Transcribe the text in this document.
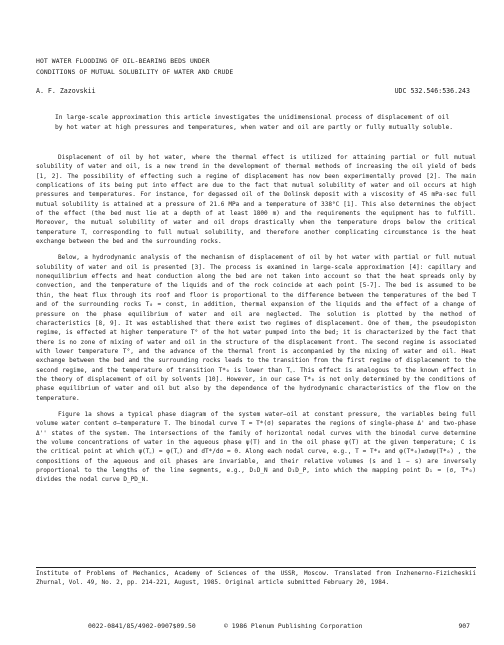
HOT WATER FLOODING OF OIL-BEARING BEDS UNDER
CONDITIONS OF MUTUAL SOLUBILITY OF WATER AND CRUDE
A. F. Zazovskii	UDC 532.546:536.243
In large-scale approximation this article investigates the unidimensional process of displacement of oil by hot water at high pressures and temperatures, when water and oil are partly or fully mutually soluble.

Displacement of oil by hot water, where the thermal effect is utilized for attaining partial or full mutual solubility of water and oil, is a new trend in the development of thermal methods of increasing the oil yield of beds [1, 2]. The possibility of effecting such a regime of displacement has now been experimentally proved [2]. The main complications of its being put into effect are due to the fact that mutual solubility of water and oil occurs at high pressures and temperatures. For instance, for degassed oil of the Dolinsk deposit with a viscosity of 45 mPa·sec full mutual solubility is attained at a pressure of 21.6 MPa and a temperature of 338°C [1]. This also determines the object of the effect (the bed must lie at a depth of at least 1800 m) and the requirements the equipment has to fulfill. Moreover, the mutual solubility of water and oil drops drastically when the temperature drops below the critical temperature T꜀ corresponding to full mutual solubility, and therefore another complicating circumstance is the heat exchange between the bed and the surrounding rocks.

Below, a hydrodynamic analysis of the mechanism of displacement of oil by hot water with partial or full mutual solubility of water and oil is presented [3]. The process is examined in large-scale approximation [4]: capillary and nonequilibrium effects and heat conduction along the bed are not taken into account so that the heat spreads only by convection, and the temperature of the liquids and of the rock coincide at each point [5-7]. The bed is assumed to be thin, the heat flux through its roof and floor is proportional to the difference between the temperatures of the bed T and of the surrounding rocks T₀ = const, in addition, thermal expansion of the liquids and the effect of a change of pressure on the phase equilibrium of water and oil are neglected. The solution is plotted by the method of characteristics [8, 9]. It was established that there exist two regimes of displacement. One of them, the pseudopiston regime, is effected at higher temperature T° of the hot water pumped into the bed; it is characterized by the fact that there is no zone of mixing of water and oil in the structure of the displacement front. The second regime is associated with lower temperature T°, and the advance of the thermal front is accompanied by the mixing of water and oil. Heat exchange between the bed and the surrounding rocks leads to the transition from the first regime of displacement to the second regime, and the temperature of transition T*₀ is lower than T꜀. This effect is analogous to the known effect in the theory of displacement of oil by solvents [10]. However, in our case T*₀ is not only determined by the conditions of phase equilibrium of water and oil but also by the dependence of the hydrodynamic characteristics of the flow on the temperature.

Figure 1a shows a typical phase diagram of the system water—oil at constant pressure, the variables being full volume water content σ—temperature T. The binodal curve T = T*(σ) separates the regions of single-phase Δ' and two-phase Δ'' states of the system. The intersections of the family of horizontal nodal curves with the binodal curve determine the volume concentrations of water in the aqueous phase ψ(T) and in the oil phase φ(T) at the given temperature; C is the critical point at which ψ(T꜀) = φ(T꜀) and dT*/dσ = 0. Along each nodal curve, e.g., T = T*₀ and φ(T*₀)≤σ≤ψ(T*₀) , the compositions of the aqueous and oil phases are invariable, and their relative volumes (s and 1 − s) are inversely proportional to the lengths of the line segments, e.g., D₁D_N and D₁D_P, into which the mapping point D₁ = (σ, T*₀) divides the nodal curve D_PD_N.

Institute of Problems of Mechanics, Academy of Sciences of the USSR, Moscow. Translated from Inzhenerno-Fizicheskii Zhurnal, Vol. 49, No. 2, pp. 214-221, August, 1985. Original article submitted February 20, 1984.
0022-0841/85/4902-0907$09.50	© 1986 Plenum Publishing Corporation	907
